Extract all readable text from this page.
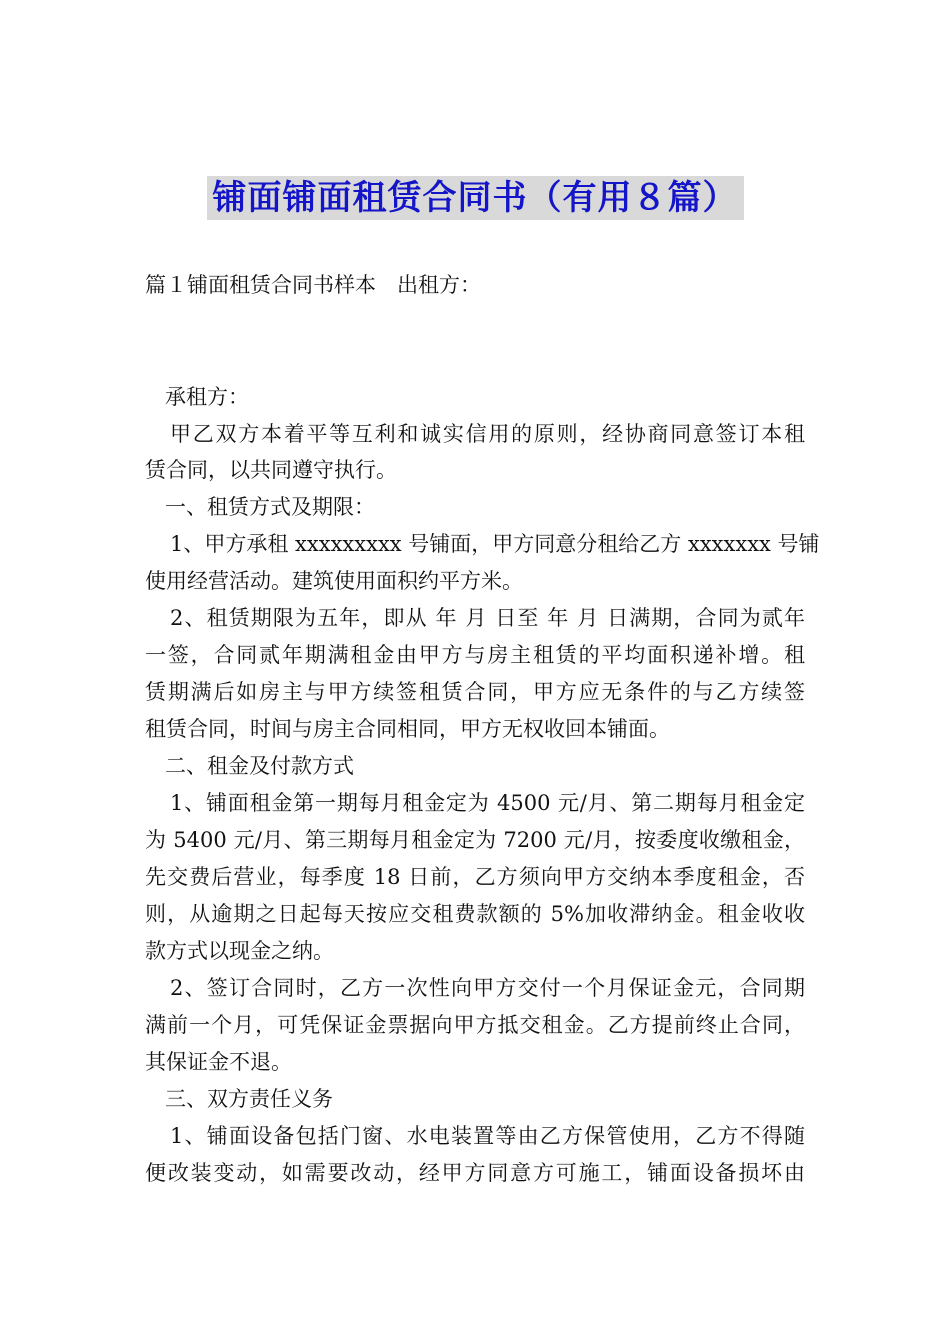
铺面铺面租赁合同书（有用８篇）
篇１铺面租赁合同书样本　出租方：
承租方：
甲乙双方本着平等互利和诚实信用的原则，经协商同意签订本租
赁合同，以共同遵守执行。
一、租赁方式及期限：
1、甲方承租 xxxxxxxxx 号铺面，甲方同意分租给乙方 xxxxxxx 号铺
使用经营活动。建筑使用面积约平方米。
2、租赁期限为五年，即从 年 月 日至 年 月 日满期，合同为贰年
一签，合同贰年期满租金由甲方与房主租赁的平均面积递补增。租
赁期满后如房主与甲方续签租赁合同，甲方应无条件的与乙方续签
租赁合同，时间与房主合同相同，甲方无权收回本铺面。
二、租金及付款方式
1、铺面租金第一期每月租金定为 4500 元/月、第二期每月租金定
为 5400 元/月、第三期每月租金定为 7200 元/月，按委度收缴租金，
先交费后营业，每季度 18 日前，乙方须向甲方交纳本季度租金，否
则，从逾期之日起每天按应交租费款额的 5%加收滞纳金。租金收收
款方式以现金之纳。
2、签订合同时，乙方一次性向甲方交付一个月保证金元，合同期
满前一个月，可凭保证金票据向甲方抵交租金。乙方提前终止合同，
其保证金不退。
三、双方责任义务
1、铺面设备包括门窗、水电装置等由乙方保管使用，乙方不得随
便改装变动，如需要改动，经甲方同意方可施工，铺面设备损坏由
